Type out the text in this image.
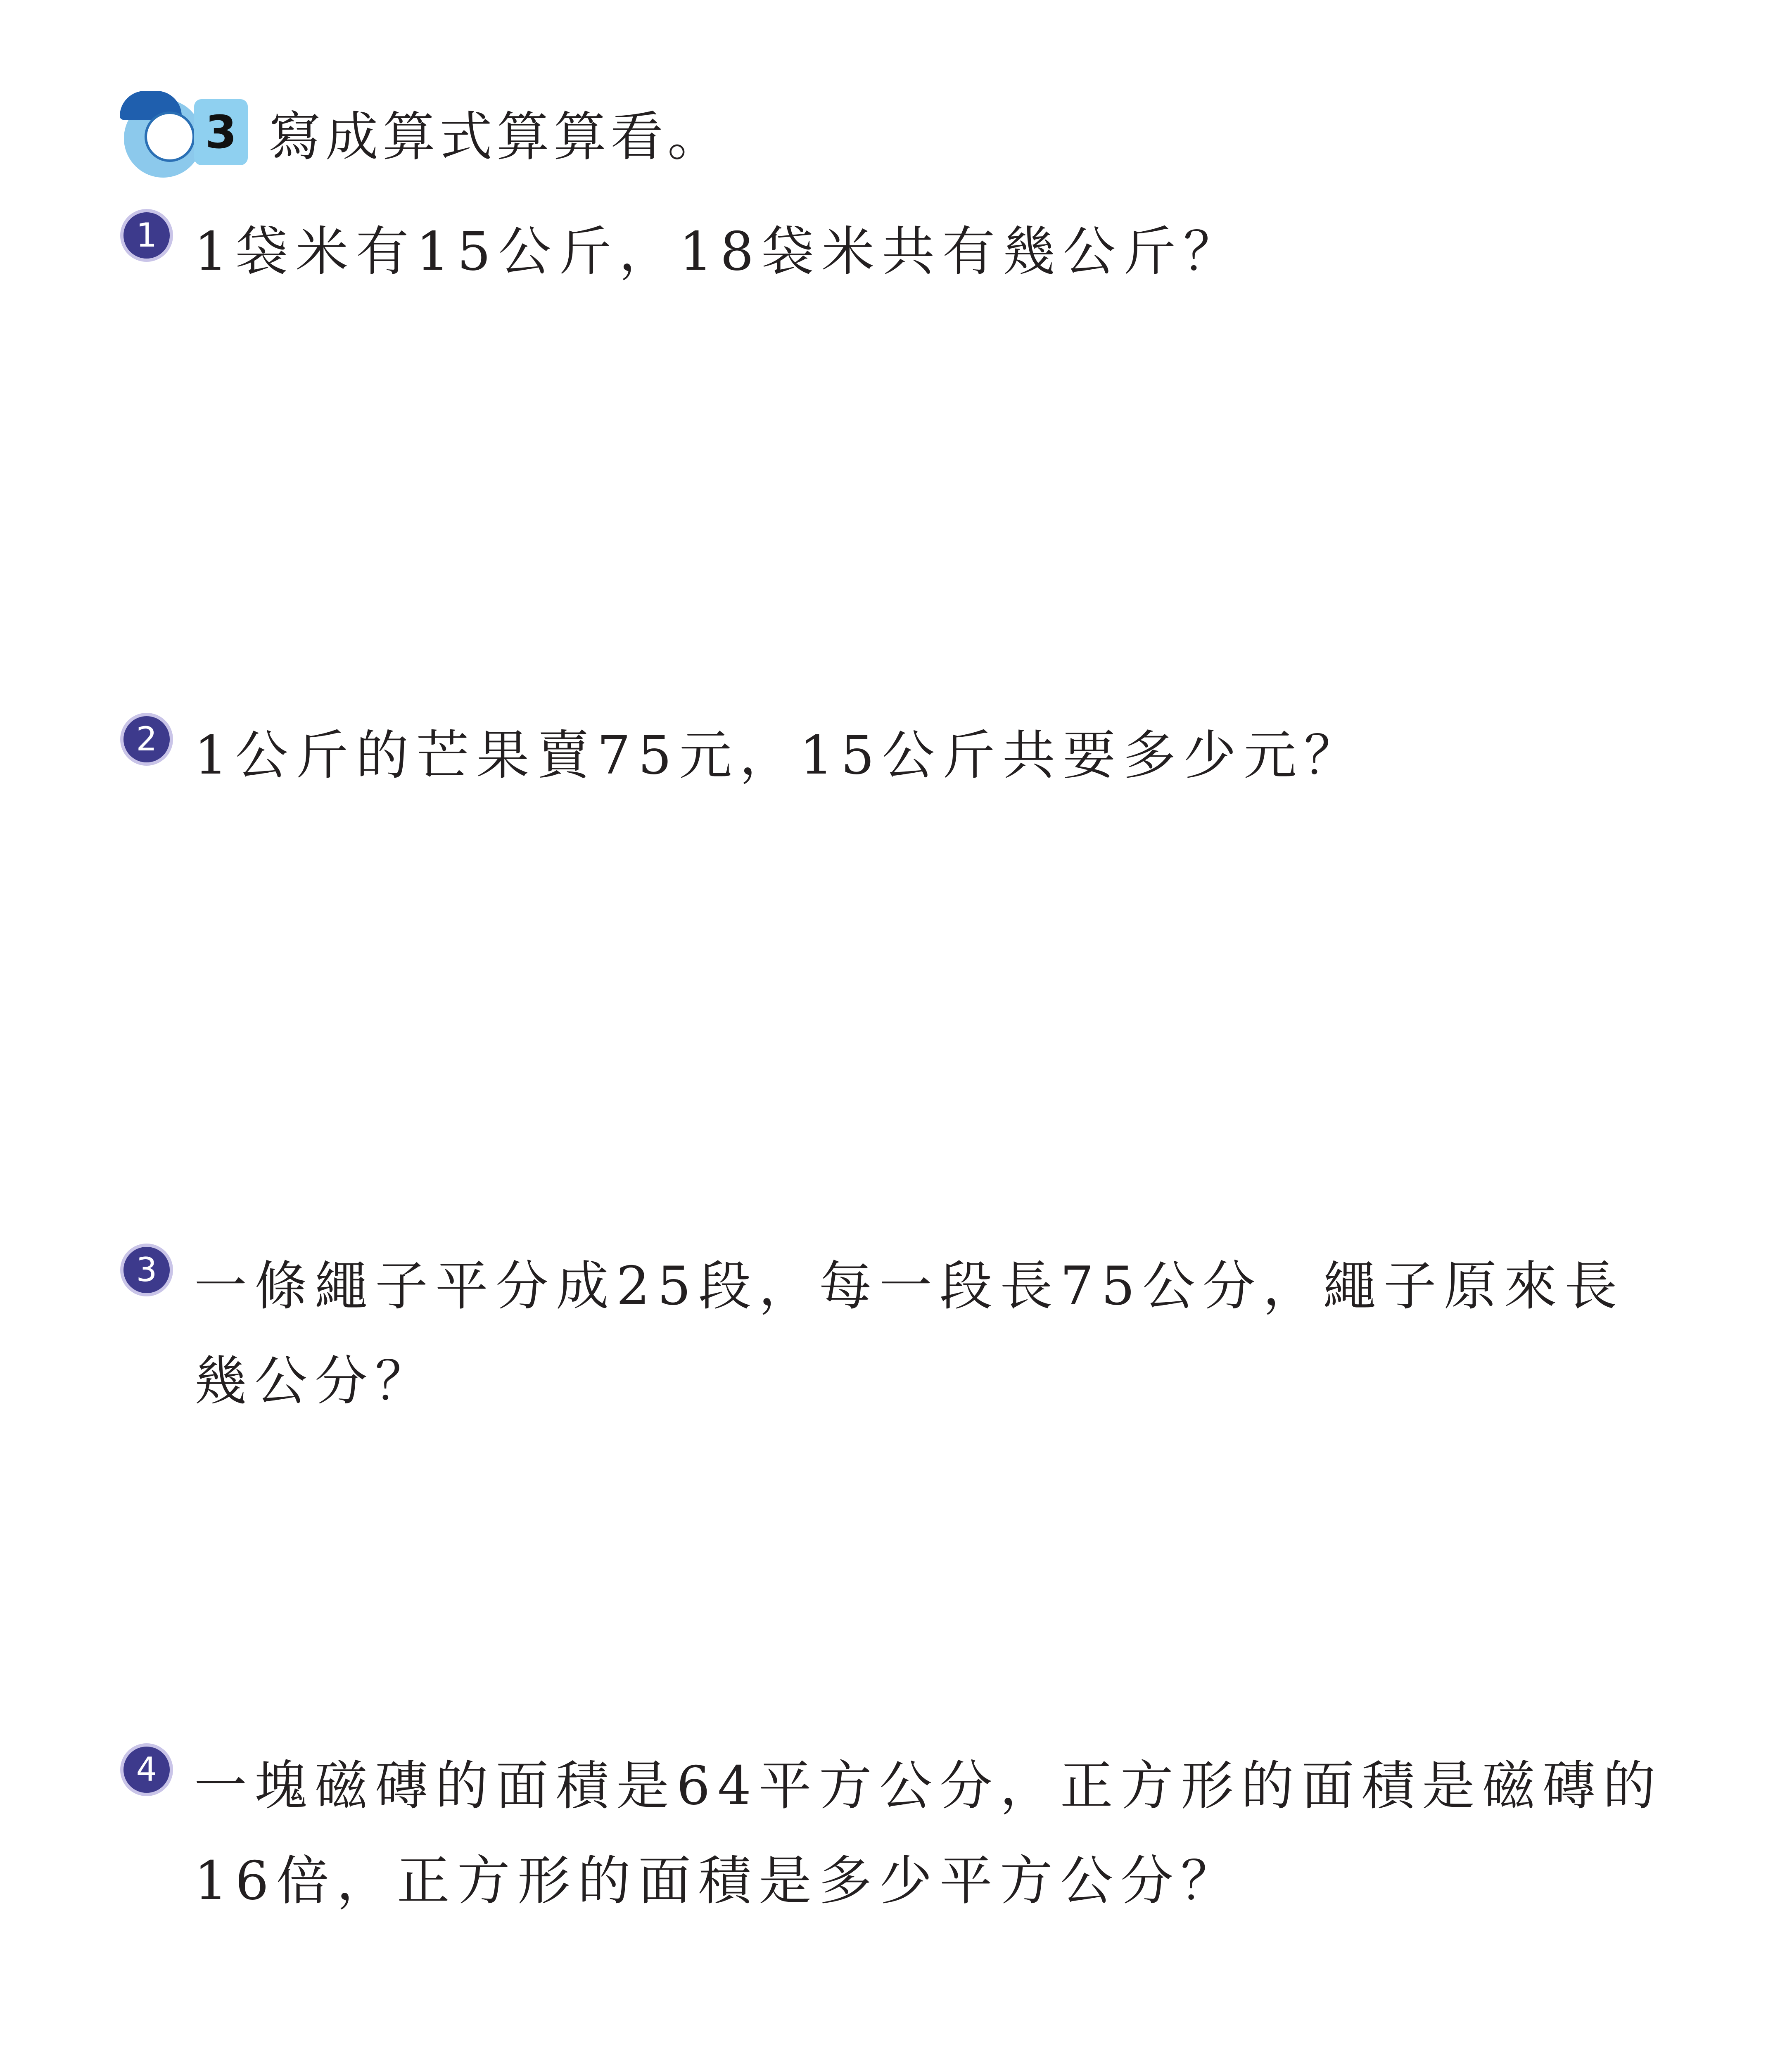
3 寫成算式算算看。
1 1袋米有15公斤，18袋米共有幾公斤？
2 1公斤的芒果賣75元，15公斤共要多少元？
3 一條繩子平分成25段，每一段長75公分，繩子原來長幾公分？
4 一塊磁磚的面積是64平方公分，正方形的面積是磁磚的16倍，正方形的面積是多少平方公分？
